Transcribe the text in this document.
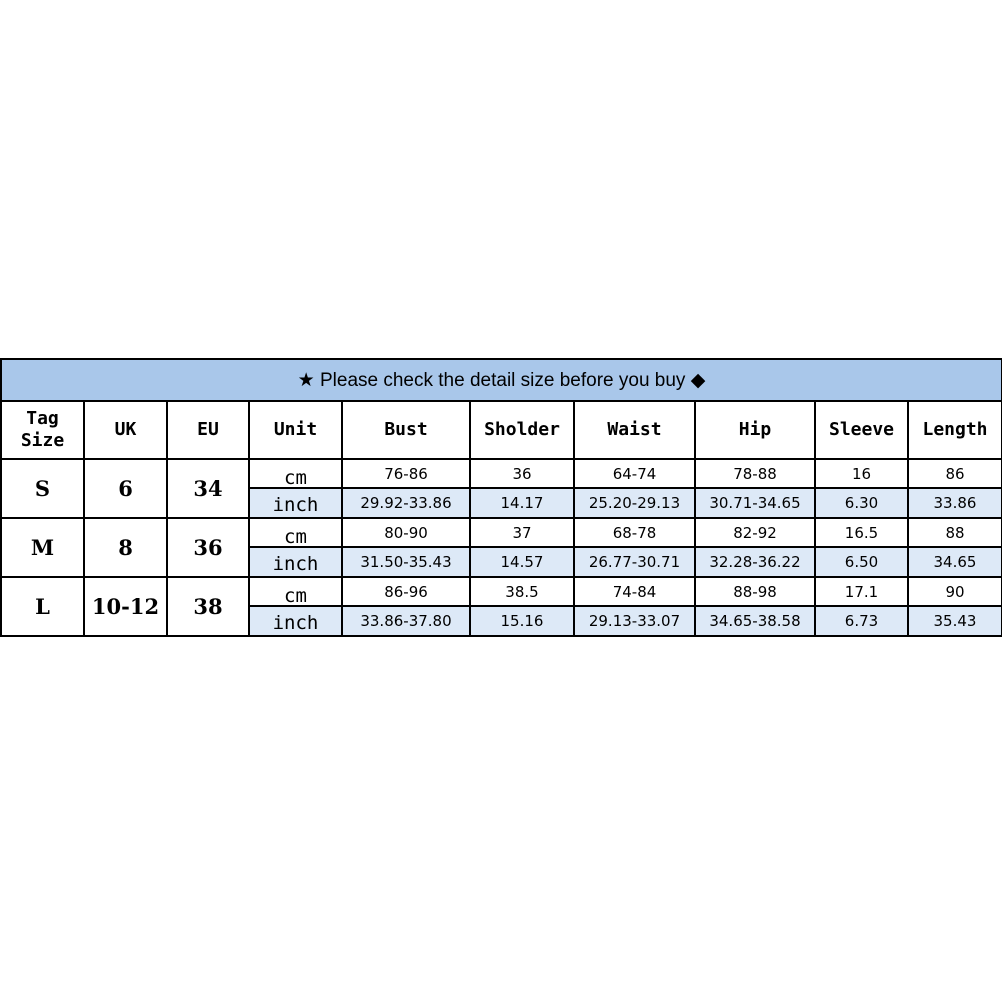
★ Please check the detail size before you buy ◆									

Tag
Size	UK	EU	Unit	Bust	Sholder	Waist	Hip	Sleeve	Length
S	6	34	cm	76-86	36	64-74	78-88	16	86
			inch	29.92-33.86	14.17	25.20-29.13	30.71-34.65	6.30	33.86
M	8	36	cm	80-90	37	68-78	82-92	16.5	88
			inch	31.50-35.43	14.57	26.77-30.71	32.28-36.22	6.50	34.65
L	10-12	38	cm	86-96	38.5	74-84	88-98	17.1	90
			inch	33.86-37.80	15.16	29.13-33.07	34.65-38.58	6.73	35.43
